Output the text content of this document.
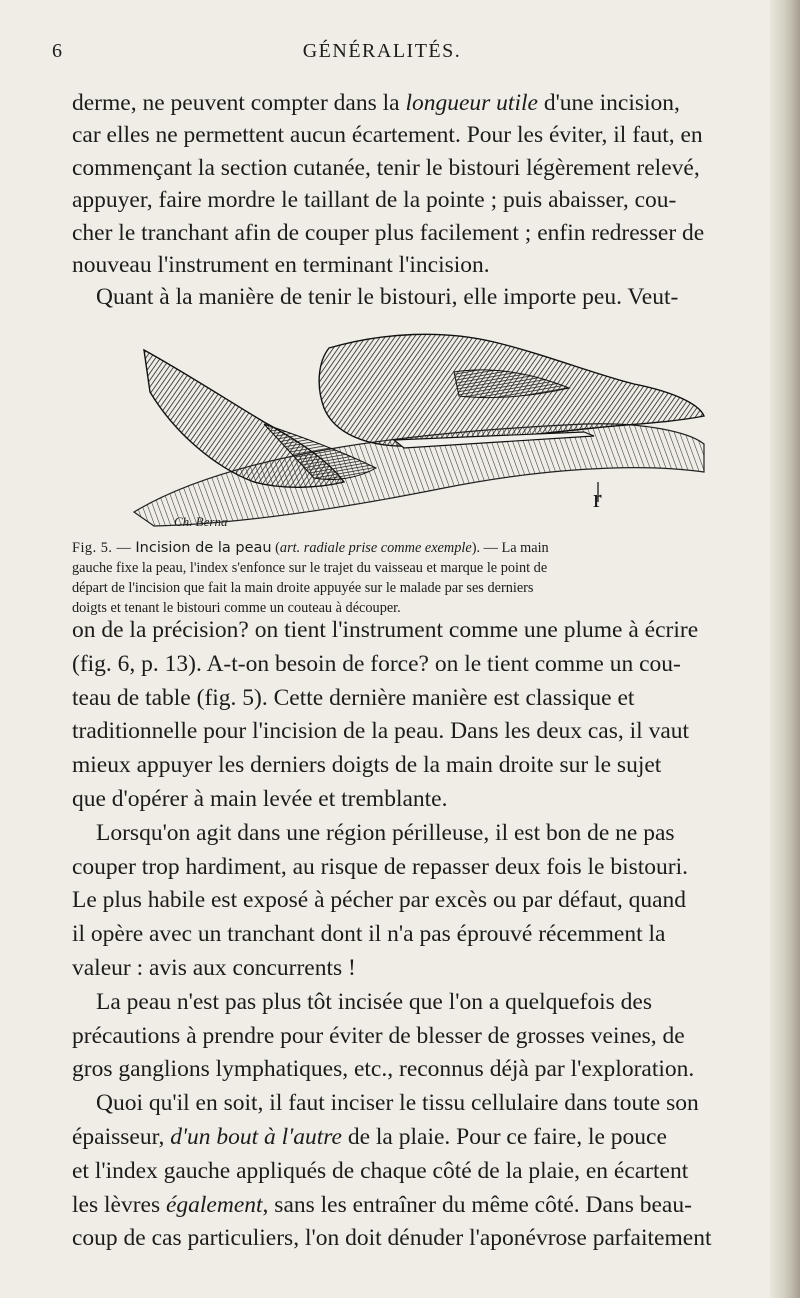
6	GÉNÉRALITÉS.

derme, ne peuvent compter dans la longueur utile d'une incision,
car elles ne permettent aucun écartement. Pour les éviter, il faut, en
commençant la section cutanée, tenir le bistouri légèrement relevé,
appuyer, faire mordre le taillant de la pointe ; puis abaisser, cou-
cher le tranchant afin de couper plus facilement ; enfin redresser de
nouveau l'instrument en terminant l'incision.
Quant à la manière de tenir le bistouri, elle importe peu. Veut-

r
Ch. Berna

Fig. 5. — Incision de la peau (art. radiale prise comme exemple). — La main
gauche fixe la peau, l'index s'enfonce sur le trajet du vaisseau et marque le point de
départ de l'incision que fait la main droite appuyée sur le malade par ses derniers
doigts et tenant le bistouri comme un couteau à découper.

on de la précision? on tient l'instrument comme une plume à écrire
(fig. 6, p. 13). A-t-on besoin de force? on le tient comme un cou-
teau de table (fig. 5). Cette dernière manière est classique et
traditionnelle pour l'incision de la peau. Dans les deux cas, il vaut
mieux appuyer les derniers doigts de la main droite sur le sujet
que d'opérer à main levée et tremblante.
Lorsqu'on agit dans une région périlleuse, il est bon de ne pas
couper trop hardiment, au risque de repasser deux fois le bistouri.
Le plus habile est exposé à pécher par excès ou par défaut, quand
il opère avec un tranchant dont il n'a pas éprouvé récemment la
valeur : avis aux concurrents !
La peau n'est pas plus tôt incisée que l'on a quelquefois des
précautions à prendre pour éviter de blesser de grosses veines, de
gros ganglions lymphatiques, etc., reconnus déjà par l'exploration.
Quoi qu'il en soit, il faut inciser le tissu cellulaire dans toute son
épaisseur, d'un bout à l'autre de la plaie. Pour ce faire, le pouce
et l'index gauche appliqués de chaque côté de la plaie, en écartent
les lèvres également, sans les entraîner du même côté. Dans beau-
coup de cas particuliers, l'on doit dénuder l'aponévrose parfaitement
